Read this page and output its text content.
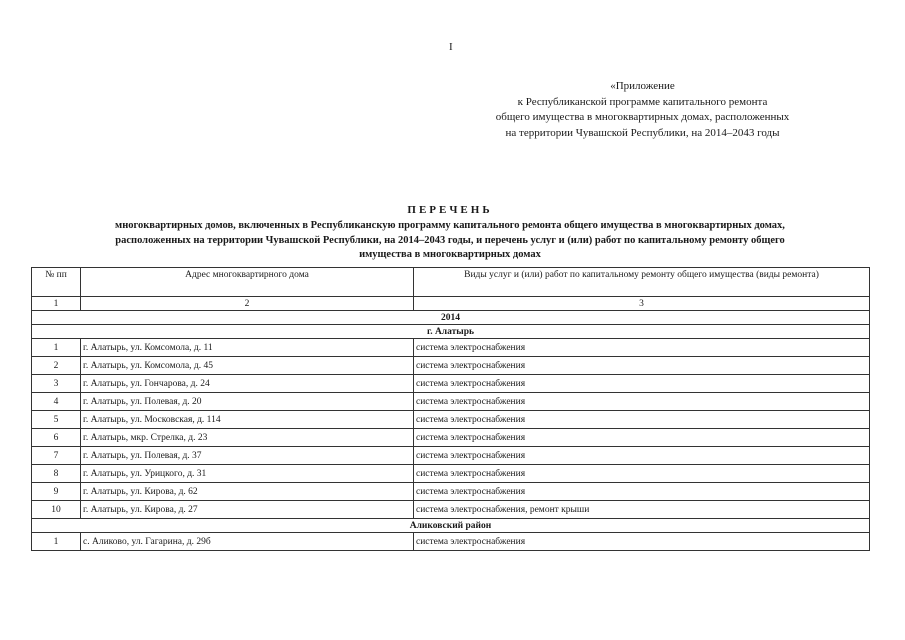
I
«Приложение
к Республиканской программе капитального ремонта
общего имущества в многоквартирных домах, расположенных
на территории Чувашской Республики, на 2014–2043 годы
ПЕРЕЧЕНЬ
многоквартирных домов, включенных в Республиканскую программу капитального ремонта общего имущества в многоквартирных домах,
расположенных на территории Чувашской Республики, на 2014–2043 годы, и перечень услуг и (или) работ по капитальному ремонту общего
имущества в многоквартирных домах
№ пп	Адрес многоквартирного дома	Виды услуг и (или) работ по капитальному ремонту общего имущества (виды ремонта)
1	2	3
2014		
г. Алатырь		
1	г. Алатырь, ул. Комсомола, д. 11	система электроснабжения
2	г. Алатырь, ул. Комсомола, д. 45	система электроснабжения
3	г. Алатырь, ул. Гончарова, д. 24	система электроснабжения
4	г. Алатырь, ул. Полевая, д. 20	система электроснабжения
5	г. Алатырь, ул. Московская, д. 114	система электроснабжения
6	г. Алатырь, мкр. Стрелка, д. 23	система электроснабжения
7	г. Алатырь, ул. Полевая, д. 37	система электроснабжения
8	г. Алатырь, ул. Урицкого, д. 31	система электроснабжения
9	г. Алатырь, ул. Кирова, д. 62	система электроснабжения
10	г. Алатырь, ул. Кирова, д. 27	система электроснабжения, ремонт крыши
Аликовский район		
1	с. Аликово, ул. Гагарина, д. 29б	система электроснабжения
